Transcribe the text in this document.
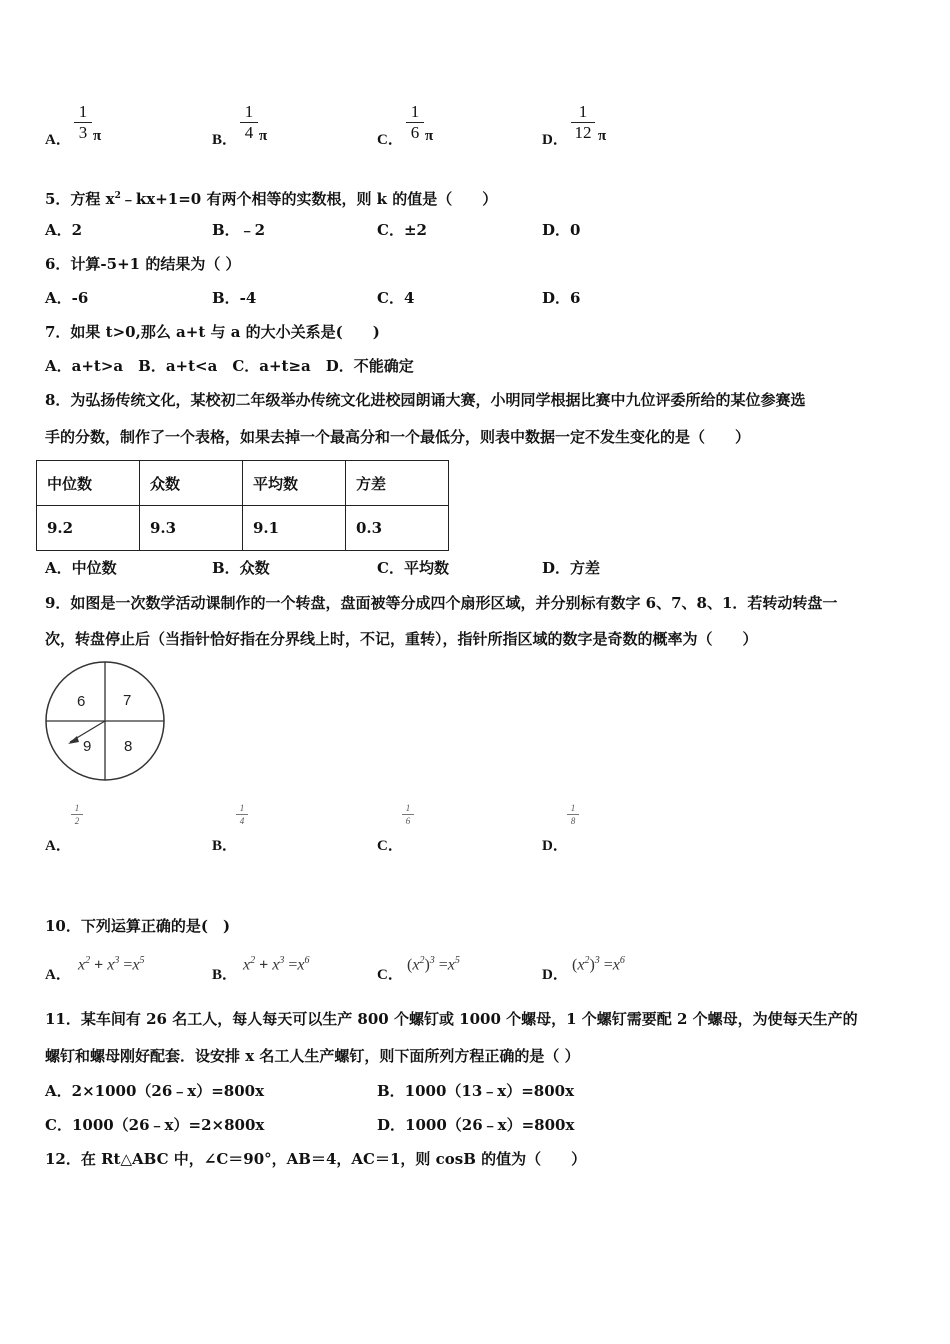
A．
1
3 π	B．
1
4 π	C．
1
6 π	D．
1
12 π
5．方程 $x^2﹣kx+1=0$ 有两个相等的实数根，则 k 的值是（　　）
A．2	B．﹣2	C．±2	D．0
6．计算-5+1 的结果为（ ）
A．-6	B．-4	C．4	D．6
7．如果 t>0,那么 a+t 与 a 的大小关系是(　　)
A．a+t>a　B．a+t<a　C．a+t≥a　D．不能确定
8．为弘扬传统文化，某校初二年级举办传统文化进校园朗诵大赛，小明同学根据比赛中九位评委所给的某位参赛选
手的分数，制作了一个表格，如果去掉一个最高分和一个最低分，则表中数据一定不发生变化的是（　　）
中位数	众数	平均数	方差
9.2	9.3	9.1	0.3
A．中位数	B．众数	C．平均数	D．方差
9．如图是一次数学活动课制作的一个转盘，盘面被等分成四个扇形区域，并分别标有数字 6、7、8、1．若转动转盘一
次，转盘停止后（当指针恰好指在分界线上时，不记，重转），指针所指区域的数字是奇数的概率为（　　）
6	7
9 8
1
2
A．
1
4
B．
1
6
C．
1
8
D．
10．下列运算正确的是(　)
A．
$x^2 + x^3 =x^5$
B．
$x^2 + x^3 =x^6$
C．
$(x^2)^3 =x^5$
D．
$(x^2)^3 =x^6$
11．某车间有 26 名工人，每人每天可以生产 800 个螺钉或 1000 个螺母，1 个螺钉需要配 2 个螺母，为使每天生产的
螺钉和螺母刚好配套．设安排 x 名工人生产螺钉，则下面所列方程正确的是（ ）
A．2×1000（26﹣x）=800x	B．1000（13﹣x）=800x
C．1000（26﹣x）=2×800x	D．1000（26﹣x）=800x
12．在 Rt△ABC 中，∠C＝90°，AB＝4，AC＝1，则 cosB 的值为（　　）
